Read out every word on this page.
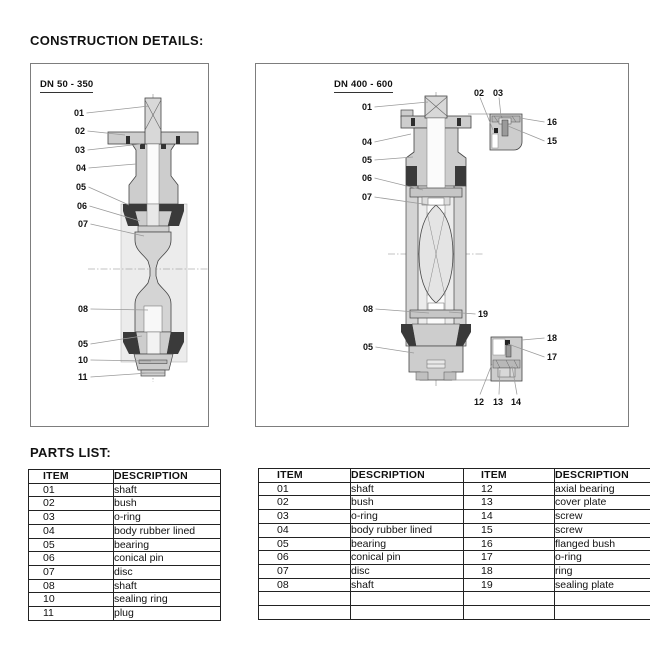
CONSTRUCTION DETAILS:
DN 50 - 350
01
02
03
04
05
06
07
08
05
10
11
DN 400 - 600
01
04
05
06
07
02 03
16
15
08	19
05
18
17
12 13 14
PARTS LIST:
ITEM	DESCRIPTION
01	shaft
02	bush
03	o-ring
04	body rubber lined
05	bearing
06	conical pin
07	disc
08	shaft
10	sealing ring
11	plug
ITEM	DESCRIPTION	ITEM	DESCRIPTION
01	shaft	12	axial bearing
02	bush	13	cover plate
03	o-ring	14	screw
04	body rubber lined	15	screw
05	bearing	16	flanged bush
06	conical pin	17	o-ring
07	disc	18	ring
08	shaft	19	sealing plate
